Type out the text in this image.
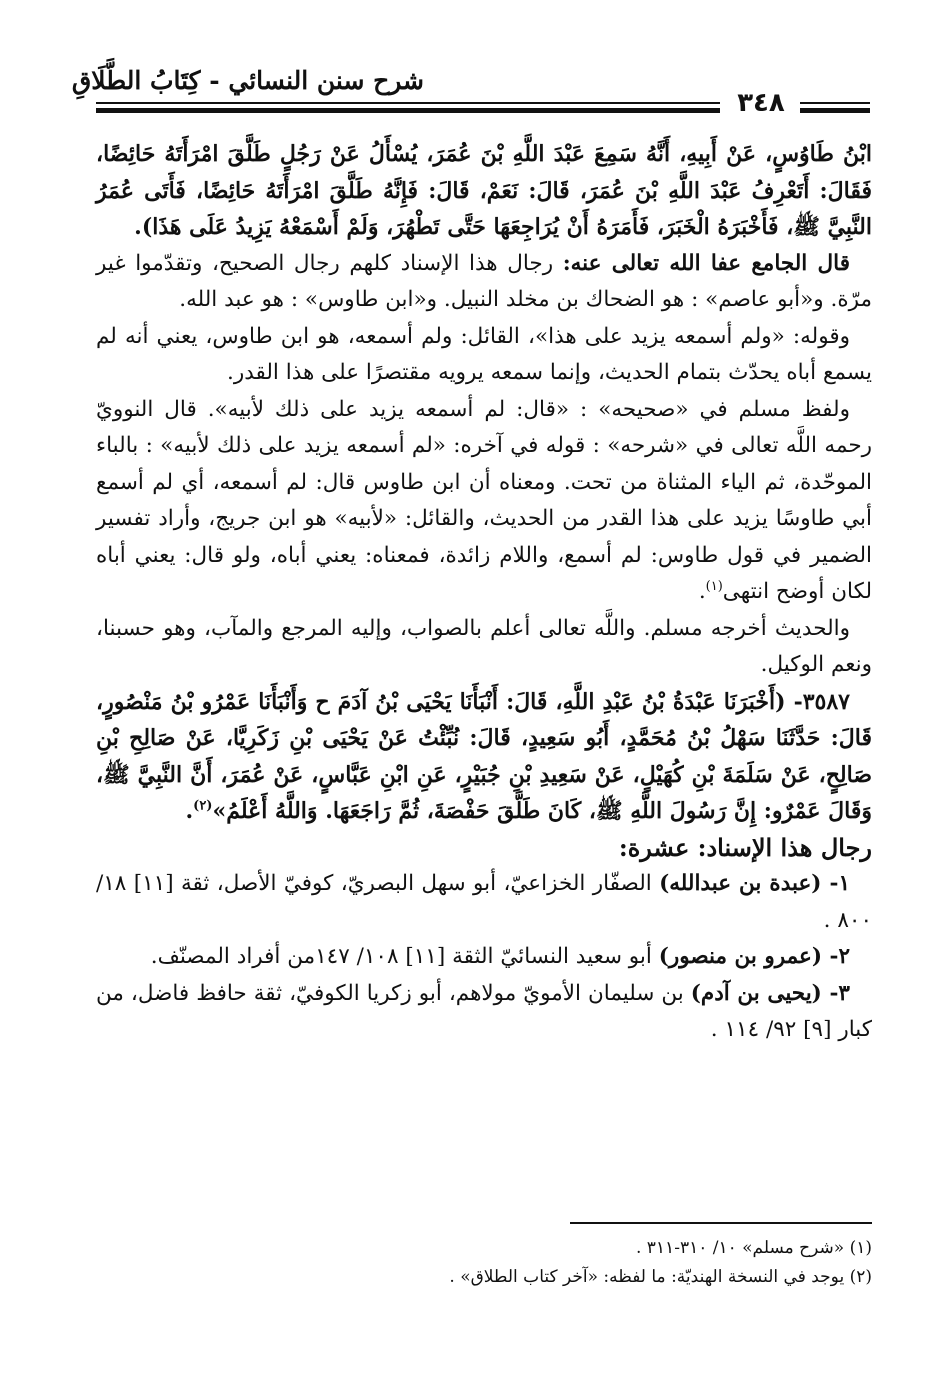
شرح سنن النسائي - كِتَابُ الطَّلَاقِ
٣٤٨

ابْنُ طَاوُسٍ، عَنْ أَبِيهِ، أَنَّهُ سَمِعَ عَبْدَ اللَّهِ بْنَ عُمَرَ، يُسْأَلُ عَنْ رَجُلٍ طَلَّقَ امْرَأَتَهُ حَائِضًا، فَقَالَ: أَتَعْرِفُ عَبْدَ اللَّهِ بْنَ عُمَرَ، قَالَ: نَعَمْ، قَالَ: فَإِنَّهُ طَلَّقَ امْرَأَتَهُ حَائِضًا، فَأَتَى عُمَرُ النَّبِيَّ ﷺ، فَأَخْبَرَهُ الْخَبَرَ، فَأَمَرَهُ أَنْ يُرَاجِعَهَا حَتَّى تَطْهُرَ، وَلَمْ أَسْمَعْهُ يَزِيدُ عَلَى هَذَا).

قال الجامع عفا الله تعالى عنه: رجال هذا الإسناد كلهم رجال الصحيح، وتقدّموا غير مرّة. و«أبو عاصم» : هو الضحاك بن مخلد النبيل. و«ابن طاوس» : هو عبد الله.

وقوله: «ولم أسمعه يزيد على هذا»، القائل: ولم أسمعه، هو ابن طاوس، يعني أنه لم يسمع أباه يحدّث بتمام الحديث، وإنما سمعه يرويه مقتصرًا على هذا القدر.

ولفظ مسلم في «صحيحه» : «قال: لم أسمعه يزيد على ذلك لأبيه». قال النوويّ رحمه اللَّه تعالى في «شرحه» : قوله في آخره: «لم أسمعه يزيد على ذلك لأبيه» : بالباء الموحّدة، ثم الياء المثناة من تحت. ومعناه أن ابن طاوس قال: لم أسمعه، أي لم أسمع أبي طاوسًا يزيد على هذا القدر من الحديث، والقائل: «لأبيه» هو ابن جريج، وأراد تفسير الضمير في قول طاوس: لم أسمع، واللام زائدة، فمعناه: يعني أباه، ولو قال: يعني أباه لكان أوضح انتهى$^{(١)}$.

والحديث أخرجه مسلم. واللَّه تعالى أعلم بالصواب، وإليه المرجع والمآب، وهو حسبنا، ونعم الوكيل.

٣٥٨٧- (أَخْبَرَنَا عَبْدَةُ بْنُ عَبْدِ اللَّهِ، قَالَ: أَنْبَأَنَا يَحْيَى بْنُ آدَمَ ح وَأَنْبَأَنَا عَمْرُو بْنُ مَنْصُورٍ، قَالَ: حَدَّثَنَا سَهْلُ بْنُ مُحَمَّدٍ، أَبُو سَعِيدٍ، قَالَ: نُبِّئْتُ عَنْ يَحْيَى بْنِ زَكَرِيَّا، عَنْ صَالِحِ بْنِ صَالِحٍ، عَنْ سَلَمَةَ بْنِ كُهَيْلٍ، عَنْ سَعِيدِ بْنِ جُبَيْرٍ، عَنِ ابْنِ عَبَّاسٍ، عَنْ عُمَرَ، أَنَّ النَّبِيَّ ﷺ، وَقَالَ عَمْرٌو: إِنَّ رَسُولَ اللَّهِ ﷺ، كَانَ طَلَّقَ حَفْصَةَ، ثُمَّ رَاجَعَهَا. وَاللَّهُ أَعْلَمُ»$^{(٢)}$.

رجال هذا الإسناد: عشرة:

١- (عبدة بن عبدالله) الصفّار الخزاعيّ، أبو سهل البصريّ، كوفيّ الأصل، ثقة [١١] ١٨/ ٨٠٠ .

٢- (عمرو بن منصور) أبو سعيد النسائيّ الثقة [١١] ١٠٨/ ١٤٧من أفراد المصنّف.

٣- (يحيى بن آدم) بن سليمان الأمويّ مولاهم، أبو زكريا الكوفيّ، ثقة حافظ فاضل، من كبار [٩] ٩٢/ ١١٤ .

(١) «شرح مسلم» ١٠/ ٣١٠-٣١١ .

(٢) يوجد في النسخة الهنديّة: ما لفظه: «آخر كتاب الطلاق» .
